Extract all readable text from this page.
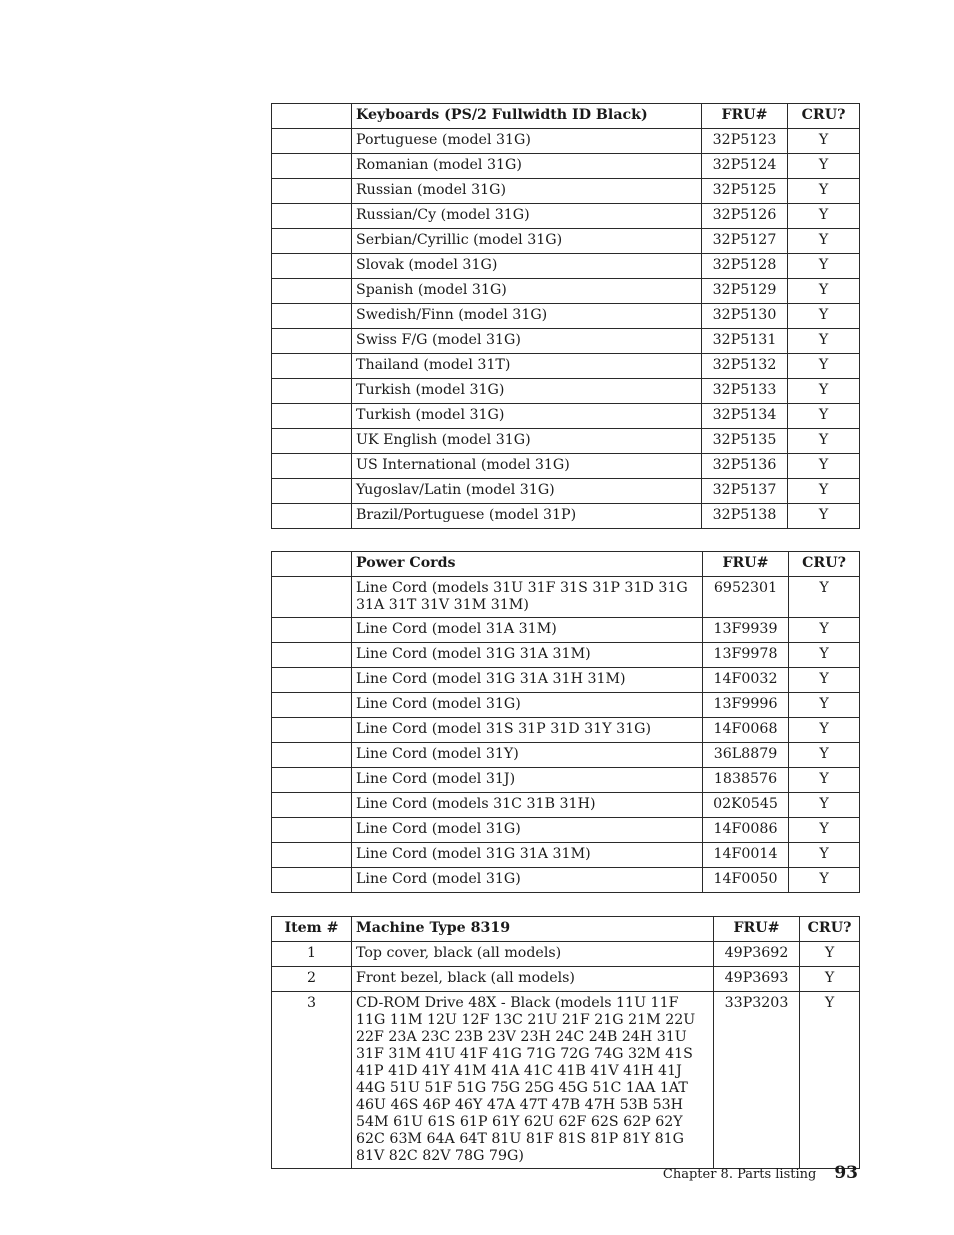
	Keyboards (PS/2 Fullwidth ID Black)	FRU#	CRU?
	Portuguese (model 31G)	32P5123	Y
	Romanian (model 31G)	32P5124	Y
	Russian (model 31G)	32P5125	Y
	Russian/Cy (model 31G)	32P5126	Y
	Serbian/Cyrillic (model 31G)	32P5127	Y
	Slovak (model 31G)	32P5128	Y
	Spanish (model 31G)	32P5129	Y
	Swedish/Finn (model 31G)	32P5130	Y
	Swiss F/G (model 31G)	32P5131	Y
	Thailand (model 31T)	32P5132	Y
	Turkish (model 31G)	32P5133	Y
	Turkish (model 31G)	32P5134	Y
	UK English (model 31G)	32P5135	Y
	US International (model 31G)	32P5136	Y
	Yugoslav/Latin (model 31G)	32P5137	Y
	Brazil/Portuguese (model 31P)	32P5138	Y
	Power Cords	FRU#	CRU?
	Line Cord (models 31U 31F 31S 31P 31D 31G 31A 31T 31V 31M 31M)	6952301	Y
	Line Cord (model 31A 31M)	13F9939	Y
	Line Cord (model 31G 31A 31M)	13F9978	Y
	Line Cord (model 31G 31A 31H 31M)	14F0032	Y
	Line Cord (model 31G)	13F9996	Y
	Line Cord (model 31S 31P 31D 31Y 31G)	14F0068	Y
	Line Cord (model 31Y)	36L8879	Y
	Line Cord (model 31J)	1838576	Y
	Line Cord (models 31C 31B 31H)	02K0545	Y
	Line Cord (model 31G)	14F0086	Y
	Line Cord (model 31G 31A 31M)	14F0014	Y
	Line Cord (model 31G)	14F0050	Y
Item #	Machine Type 8319	FRU#	CRU?
1	Top cover, black (all models)	49P3692	Y
2	Front bezel, black (all models)	49P3693	Y
3	CD-ROM Drive 48X - Black (models 11U 11F 11G 11M 12U 12F 13C 21U 21F 21G 21M 22U 22F 23A 23C 23B 23V 23H 24C 24B 24H 31U 31F 31M 41U 41F 41G 71G 72G 74G 32M 41S 41P 41D 41Y 41M 41A 41C 41B 41V 41H 41J 44G 51U 51F 51G 75G 25G 45G 51C 1AA 1AT 46U 46S 46P 46Y 47A 47T 47B 47H 53B 53H 54M 61U 61S 61P 61Y 62U 62F 62S 62P 62Y 62C 63M 64A 64T 81U 81F 81S 81P 81Y 81G 81V 82C 82V 78G 79G)	33P3203	Y
Chapter 8. Parts listing 93
